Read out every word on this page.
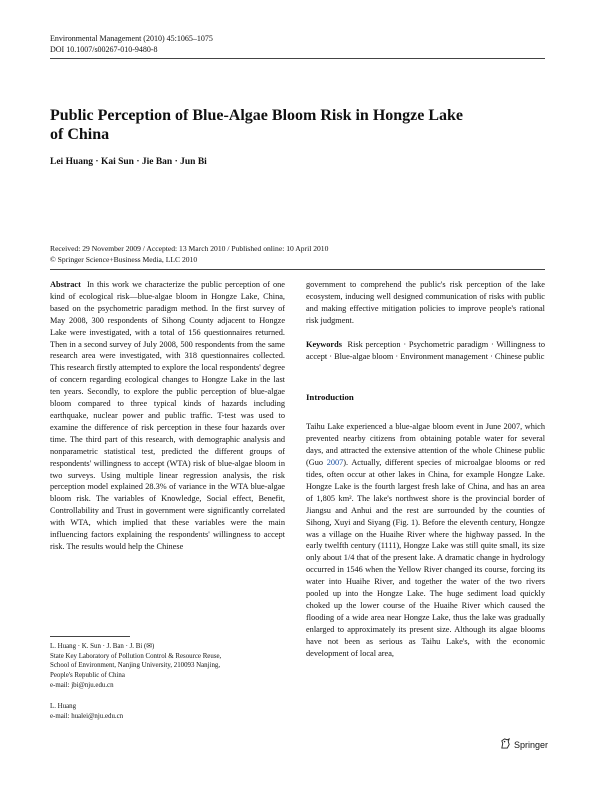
Environmental Management (2010) 45:1065–1075
DOI 10.1007/s00267-010-9480-8
Public Perception of Blue-Algae Bloom Risk in Hongze Lake
of China
Lei Huang · Kai Sun · Jie Ban · Jun Bi
Received: 29 November 2009 / Accepted: 13 March 2010 / Published online: 10 April 2010
© Springer Science+Business Media, LLC 2010

Abstract In this work we characterize the public perception of one kind of ecological risk—blue-algae bloom in Hongze Lake, China, based on the psychometric paradigm method. In the first survey of May 2008, 300 respondents of Sihong County adjacent to Hongze Lake were investigated, with a total of 156 questionnaires returned. Then in a second survey of July 2008, 500 respondents from the same research area were investigated, with 318 questionnaires collected. This research firstly attempted to explore the local respondents' degree of concern regarding ecological changes to Hongze Lake in the last ten years. Secondly, to explore the public perception of blue-algae bloom compared to three typical kinds of hazards including earthquake, nuclear power and public traffic. T-test was used to examine the difference of risk perception in these four hazards over time. The third part of this research, with demographic analysis and nonparametric statistical test, predicted the different groups of respondents' willingness to accept (WTA) risk of blue-algae bloom in two surveys. Using multiple linear regression analysis, the risk perception model explained 28.3% of variance in the WTA blue-algae bloom risk. The variables of Knowledge, Social effect, Benefit, Controllability and Trust in government were significantly correlated with WTA, which implied that these variables were the main influencing factors explaining the respondents' willingness to accept risk. The results would help the Chinese

L. Huang · K. Sun · J. Ban · J. Bi (✉)
State Key Laboratory of Pollution Control & Resource Reuse,
School of Environment, Nanjing University, 210093 Nanjing,
People's Republic of China
e-mail: jbi@nju.edu.cn
L. Huang
e-mail: hualei@nju.edu.cn

government to comprehend the public's risk perception of the lake ecosystem, inducing well designed communication of risks with public and making effective mitigation policies to improve people's rational risk judgment.

Keywords Risk perception · Psychometric paradigm · Willingness to accept · Blue-algae bloom · Environment management · Chinese public

Introduction

Taihu Lake experienced a blue-algae bloom event in June 2007, which prevented nearby citizens from obtaining potable water for several days, and attracted the extensive attention of the whole Chinese public (Guo 2007). Actually, different species of microalgae blooms or red tides, often occur at other lakes in China, for example Hongze Lake. Hongze Lake is the fourth largest fresh lake of China, and has an area of 1,805 km². The lake's northwest shore is the provincial border of Jiangsu and Anhui and the rest are surrounded by the counties of Sihong, Xuyi and Siyang (Fig. 1). Before the eleventh century, Hongze was a village on the Huaihe River where the highway passed. In the early twelfth century (1111), Hongze Lake was still quite small, its size only about 1/4 that of the present lake. A dramatic change in hydrology occurred in 1546 when the Yellow River changed its course, forcing its water into Huaihe River, and together the water of the two rivers pooled up into the Hongze Lake. The huge sediment load quickly choked up the lower course of the Huaihe River which caused the flooding of a wide area near Hongze Lake, thus the lake was gradually enlarged to approximately its present size. Although its algae blooms have not been as serious as Taihu Lake's, with the economic development of local area,

Springer
